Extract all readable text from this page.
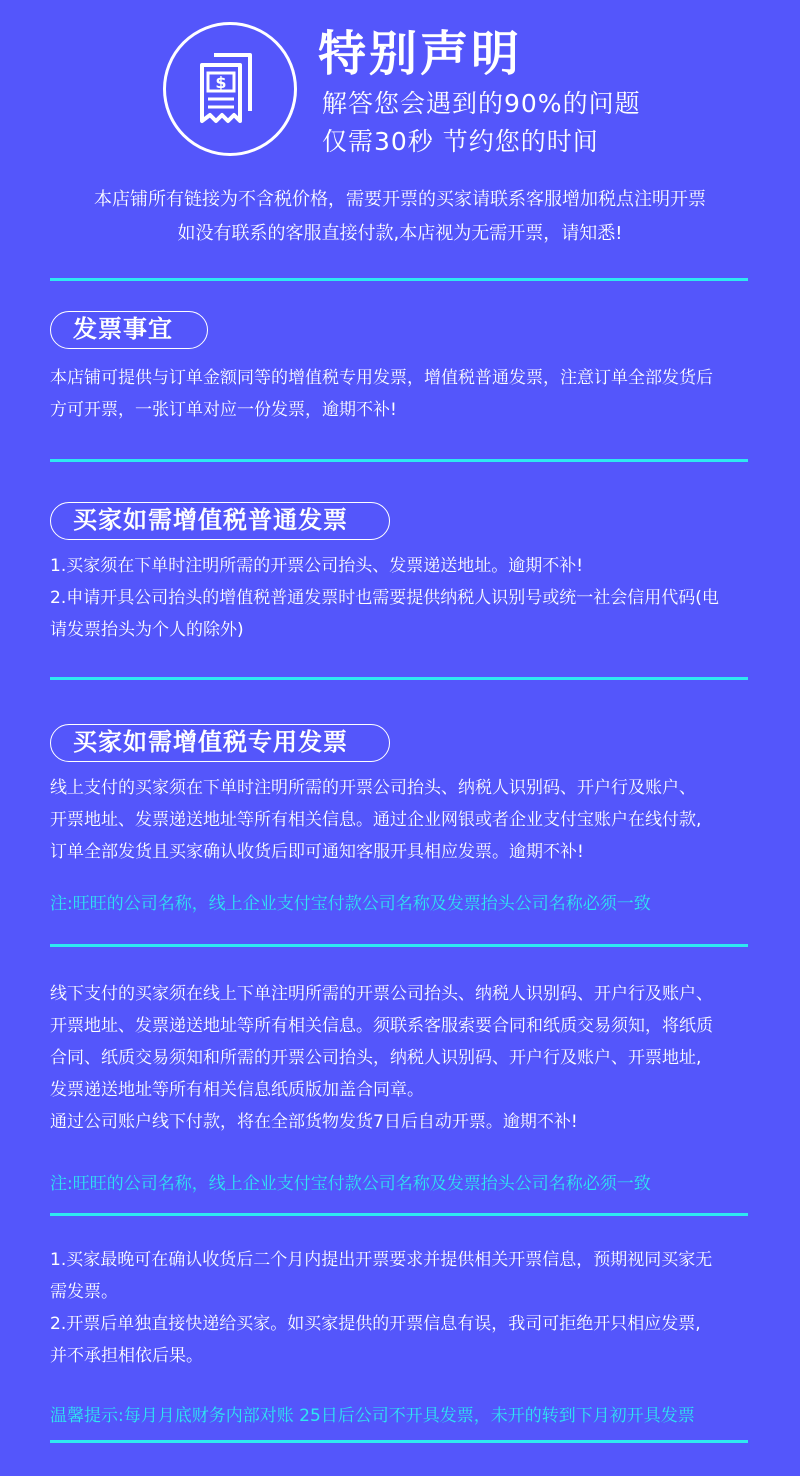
$
特别声明
解答您会遇到的90%的问题
仅需30秒 节约您的时间
本店铺所有链接为不含税价格，需要开票的买家请联系客服增加税点注明开票
如没有联系的客服直接付款,本店视为无需开票，请知悉!
发票事宜
本店铺可提供与订单金额同等的增值税专用发票，增值税普通发票，注意订单全部发货后
方可开票，一张订单对应一份发票，逾期不补!
买家如需增值税普通发票
1.买家须在下单时注明所需的开票公司抬头、发票递送地址。逾期不补!
2.申请开具公司抬头的增值税普通发票时也需要提供纳税人识别号或统一社会信用代码(电
请发票抬头为个人的除外)
买家如需增值税专用发票
线上支付的买家须在下单时注明所需的开票公司抬头、纳税人识别码、开户行及账户、
开票地址、发票递送地址等所有相关信息。通过企业网银或者企业支付宝账户在线付款,
订单全部发货且买家确认收货后即可通知客服开具相应发票。逾期不补!
注:旺旺的公司名称，线上企业支付宝付款公司名称及发票抬头公司名称必须一致
线下支付的买家须在线上下单注明所需的开票公司抬头、纳税人识别码、开户行及账户、
开票地址、发票递送地址等所有相关信息。须联系客服索要合同和纸质交易须知，将纸质
合同、纸质交易须知和所需的开票公司抬头，纳税人识别码、开户行及账户、开票地址,
发票递送地址等所有相关信息纸质版加盖合同章。
通过公司账户线下付款，将在全部货物发货7日后自动开票。逾期不补!
注:旺旺的公司名称，线上企业支付宝付款公司名称及发票抬头公司名称必须一致
1.买家最晚可在确认收货后二个月内提出开票要求并提供相关开票信息，预期视同买家无
需发票。
2.开票后单独直接快递给买家。如买家提供的开票信息有误，我司可拒绝开只相应发票,
并不承担相依后果。
温馨提示:每月月底财务内部对账 25日后公司不开具发票，未开的转到下月初开具发票
